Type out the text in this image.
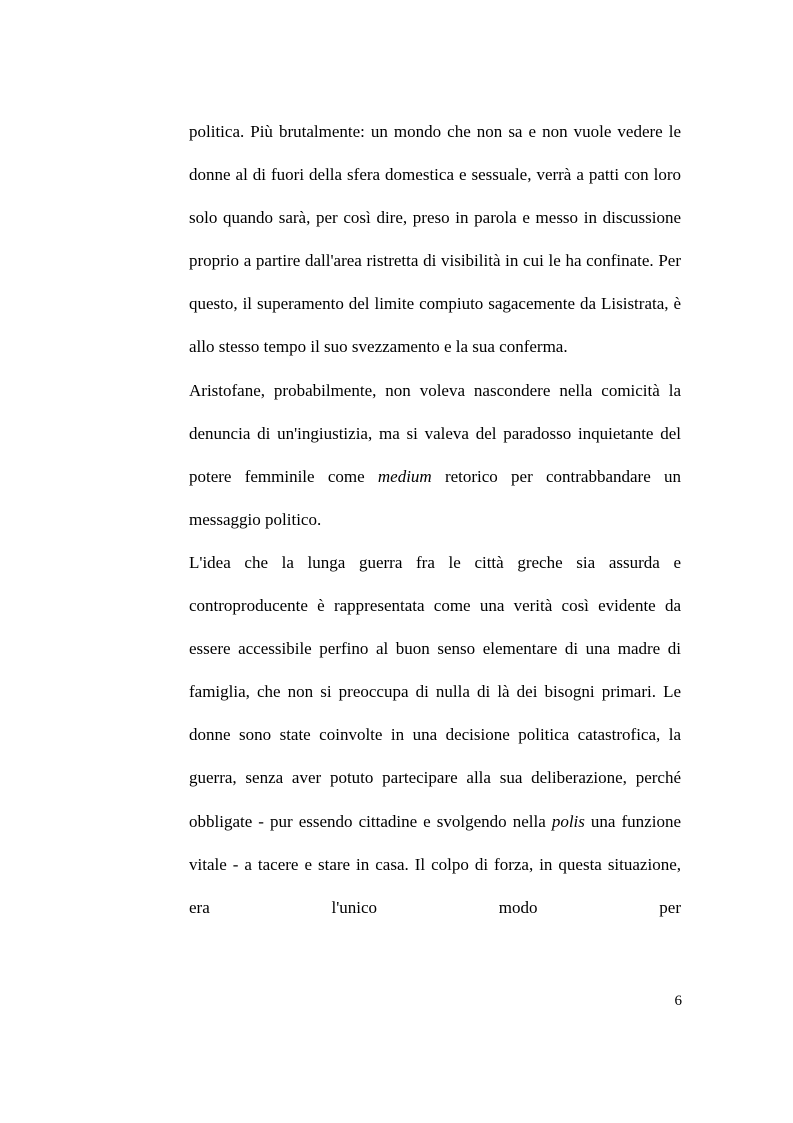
politica. Più brutalmente: un mondo che non sa e non vuole vedere le donne al di fuori della sfera domestica e sessuale, verrà a patti con loro solo quando sarà, per così dire, preso in parola e messo in discussione proprio a partire dall'area ristretta di visibilità in cui le ha confinate. Per questo, il superamento del limite compiuto sagacemente da Lisistrata, è allo stesso tempo il suo svezzamento e la sua conferma.

Aristofane, probabilmente, non voleva nascondere nella comicità la denuncia di un'ingiustizia, ma si valeva del paradosso inquietante del potere femminile come medium retorico per contrabbandare un messaggio politico.

L'idea che la lunga guerra fra le città greche sia assurda e controproducente è rappresentata come una verità così evidente da essere accessibile perfino al buon senso elementare di una madre di famiglia, che non si preoccupa di nulla di là dei bisogni primari. Le donne sono state coinvolte in una decisione politica catastrofica, la guerra, senza aver potuto partecipare alla sua deliberazione, perché obbligate - pur essendo cittadine e svolgendo nella polis una funzione vitale - a tacere e stare in casa. Il colpo di forza, in questa situazione, era l'unico modo per

6
